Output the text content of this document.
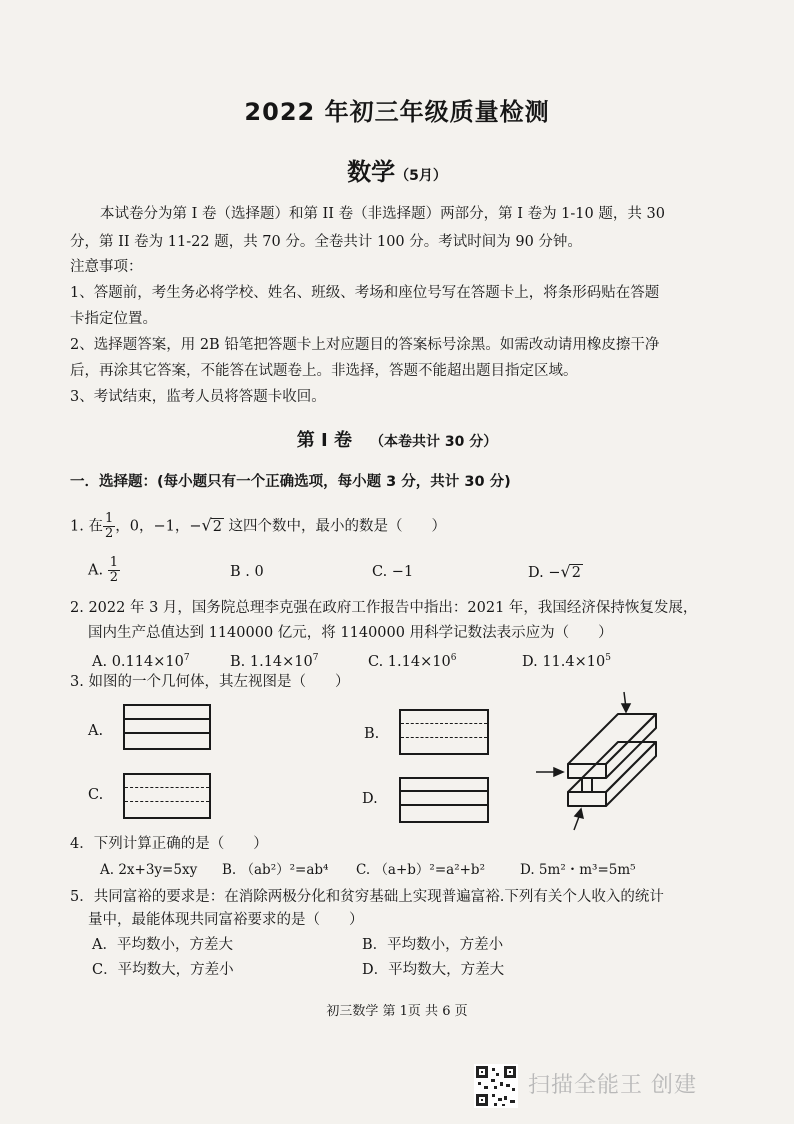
2022 年初三年级质量检测
数学（5月）
本试卷分为第 I 卷（选择题）和第 II 卷（非选择题）两部分，第 I 卷为 1-10 题，共 30
分，第 II 卷为 11-22 题，共 70 分。全卷共计 100 分。考试时间为 90 分钟。
注意事项：
1、答题前，考生务必将学校、姓名、班级、考场和座位号写在答题卡上，将条形码贴在答题
卡指定位置。
2、选择题答案，用 2B 铅笔把答题卡上对应题目的答案标号涂黑。如需改动请用橡皮擦干净
后，再涂其它答案，不能答在试题卷上。非选择，答题不能超出题目指定区域。
3、考试结束，监考人员将答题卡收回。
第 I 卷 （本卷共计 30 分）
一．选择题：(每小题只有一个正确选项，每小题 3 分，共计 30 分)
1. 在 $\frac{1}{2}$ ，0，−1，−√2 这四个数中，最小的数是（　　）
A. $\frac{1}{2}$	B . 0	C. −1	D. −√2
2. 2022 年 3 月，国务院总理李克强在政府工作报告中指出：2021 年，我国经济保持恢复发展，
国内生产总值达到 1140000 亿元，将 1140000 用科学记数法表示应为（　　）
A. $0.114\times 10^7$	B. $1.14\times 10^7$	C. $1.14\times 10^6$	D. $11.4\times 10^5$
3. 如图的一个几何体，其左视图是（　　）
A.	B.
C.	D.
4．下列计算正确的是（　　）
A. 2x+3y=5xy B. （ab²）²=ab⁴ C. （a+b）²=a²+b²	D. 5m²・m³=5m⁵
5．共同富裕的要求是：在消除两极分化和贫穷基础上实现普遍富裕.下列有关个人收入的统计
量中，最能体现共同富裕要求的是（　　）
A．平均数小，方差大	B．平均数小，方差小
C．平均数大，方差小	D．平均数大，方差大
初三数学 第 1页 共 6 页
扫描全能王 创建
